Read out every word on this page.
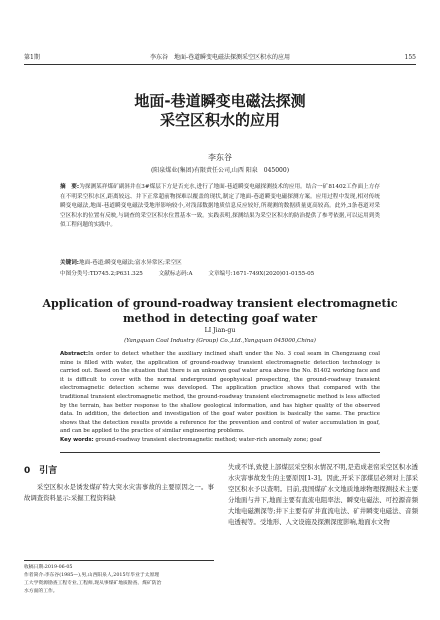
第1期	李东谷　地面-巷道瞬变电磁法探测采空区积水的应用	155
地面-巷道瞬变电磁法探测
采空区积水的应用
李东谷
(阳泉煤业(集团)有限责任公司,山西 阳泉　045000)
摘　要:为探测某祥煤矿副斜井在3#煤层下方是否充水,进行了地面-巷道瞬变电磁探测技术的应用。结合一矿81402工作面上方存在不明采空积水区,距离较远、井下正常超前物探难以覆盖的现状,制定了地面-巷道瞬变电磁探测方案。应用过程中发现,相对传统瞬变电磁法,地面-巷道瞬变电磁法受地形影响较小,对浅部数据地质信息反应较好,所观测的数据质量更高较高。此外,3条巷道对采空区积水的位置有反映,与调查的采空区积水位置基本一致。实践表明,探测结果为采空区积水的防治提供了参考依据,可以运用到类似工程问题的实践中。
关键词:地面-巷道;瞬变电磁法;富水异常区;采空区
中图分类号:TD745.2;P631.325	文献标志码:A	文章编号:1671-749X(2020)01-0155-05
Application of ground-roadway transient electromagnetic
method in detecting goaf water
LI Jian-gu
(Yangquan Coal Industry (Group) Co.,Ltd.,Yangquan 045000,China)
Abstract:In order to detect whether the auxiliary inclined shaft under the No. 3 coal seam in Chengzuang coal mine is filled with water, the application of ground-roadway transient electromagnetic detection technology is carried out. Based on the situation that there is an unknown goaf water area above the No. 81402 working face and it is difficult to cover with the normal underground geophysical prospecting, the ground-roadway transient electromagnetic detection scheme was developed. The application practice shows that compared with the traditional transient electromagnetic method, the ground-roadway transient electromagnetic method is less affected by the terrain, has better response to the shallow geological information, and has higher quality of the observed data. In addition, the detection and investigation of the goaf water position is basically the same. The practice shows that the detection results provide a reference for the prevention and control of water accumulation in goaf, and can be applied to the practice of similar engineering problems.
Key words: ground-roadway transient electromagnetic method; water-rich anomaly zone; goaf
0　引言

采空区积水是诱发煤矿特大突水灾害事故的主要原因之一。事故调查资料显示:采掘工程资料缺

失或不详,致使上部煤层采空积水情况不明,是造成老窑采空区积水透水灾害事故发生的主要原因[1-3]。因此,开采下部煤层必须对上部采空区积水予以查明。目前,我国煤矿水文地质地球物理探测技术主要分地面与井下,地面主要有直流电阻率法、瞬变电磁法、可控源音频大地电磁测深等;井下主要有矿井直流电法、矿井瞬变电磁法、音频电透视等。受地形、人文设施及探测深度影响,地面水文物

收稿日期:2019-06-05
作者简介:李东谷(1985—),男,山西阳泉人,2015年毕业于太原理
工大学资源勘查工程专业,工程师,现从事煤矿地质勘查、煤矿防治
水方面的工作。
